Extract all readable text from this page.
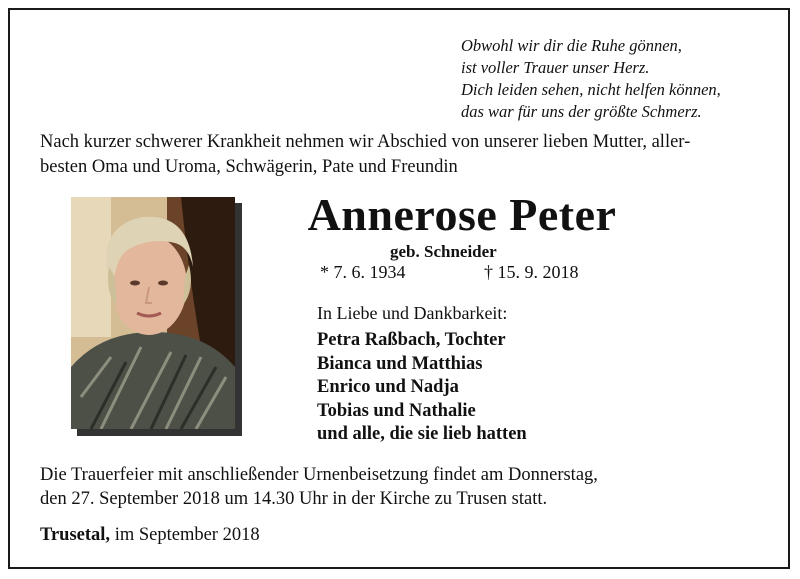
Obwohl wir dir die Ruhe gönnen,
ist voller Trauer unser Herz.
Dich leiden sehen, nicht helfen können,
das war für uns der größte Schmerz.
Nach kurzer schwerer Krankheit nehmen wir Abschied von unserer lieben Mutter, aller-
besten Oma und Uroma, Schwägerin, Pate und Freundin
Annerose Peter
geb. Schneider
* 7. 6. 1934	† 15. 9. 2018
In Liebe und Dankbarkeit:
Petra Raßbach, Tochter
Bianca und Matthias
Enrico und Nadja
Tobias und Nathalie
und alle, die sie lieb hatten
Die Trauerfeier mit anschließender Urnenbeisetzung findet am Donnerstag,
den 27. September 2018 um 14.30 Uhr in der Kirche zu Trusen statt.
Trusetal, im September 2018
